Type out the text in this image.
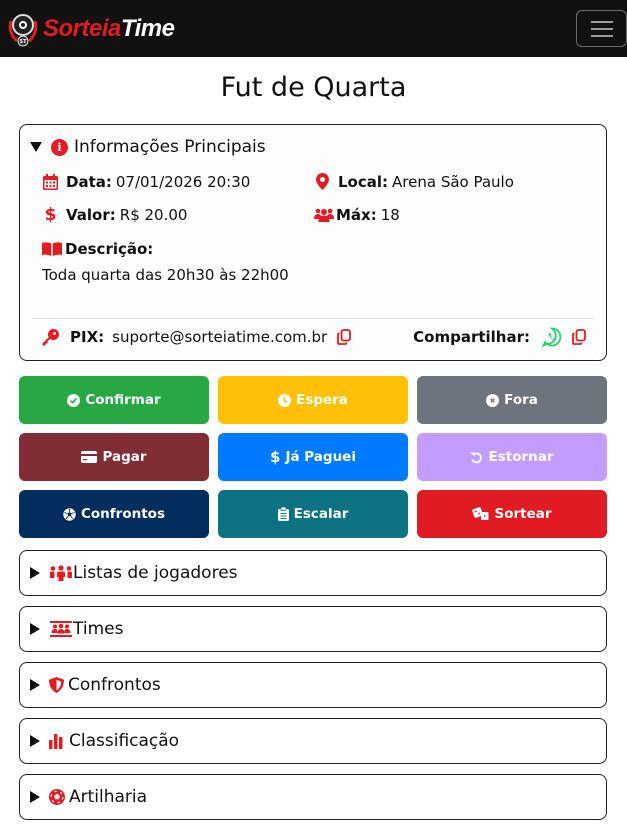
ST SorteiaTime
Fut de Quarta
i Informações Principais
Data: 07/01/2026 20:30	Local: Arena São Paulo
$ Valor: R$ 20.00	Máx: 18
Descrição:
Toda quarta das 20h30 às 22h00
PIX: suporte@sorteiatime.com.br	Compartilhar:
Confirmar	Espera	Fora
Pagar	$ Já Paguei	Estornar
Confrontos	Escalar	Sortear
Listas de jogadores
Times
Confrontos
Classificação
Artilharia
